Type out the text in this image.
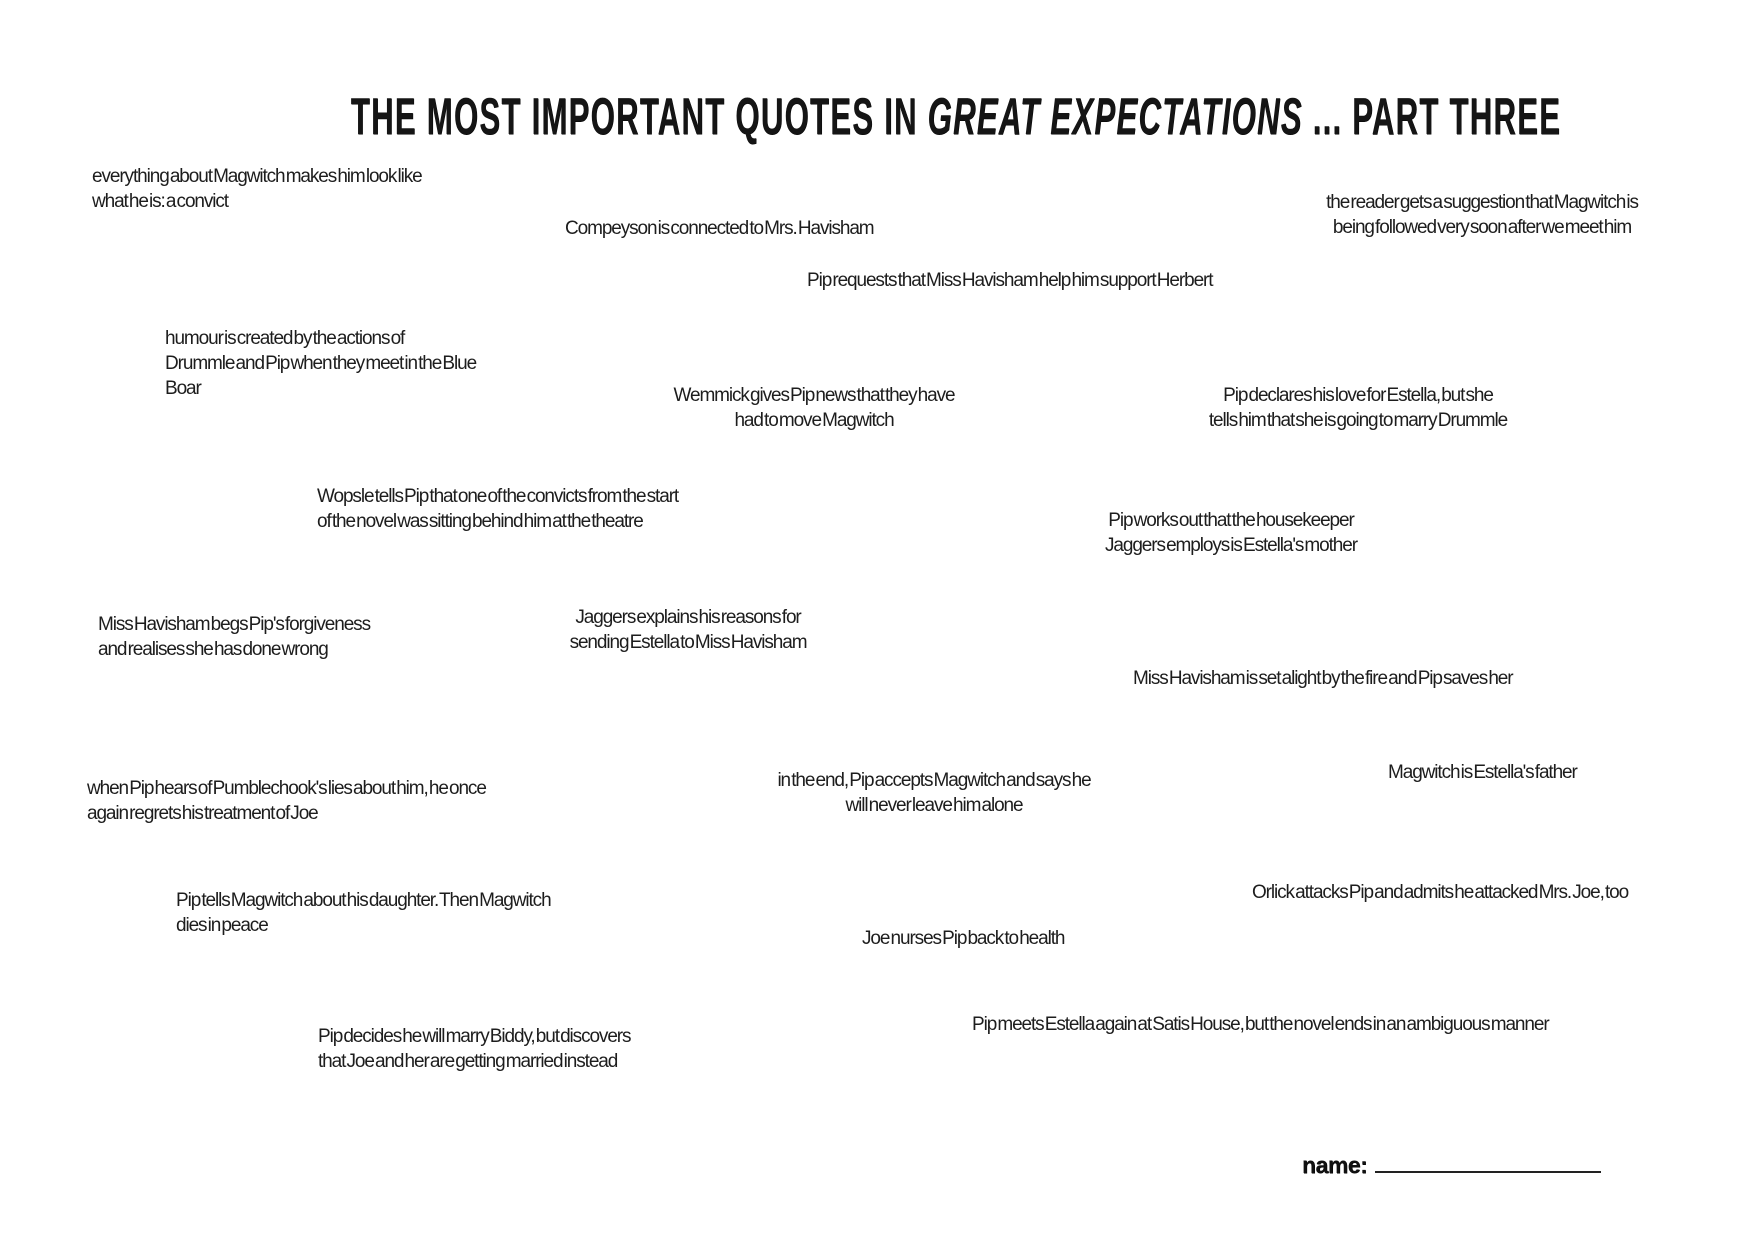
THE MOST IMPORTANT QUOTES IN GREAT EXPECTATIONS ... PART THREE
everything about Magwitch makes him look like
what he is: a convict
Compeyson is connected to Mrs. Havisham
the reader gets a suggestion that Magwitch is
being followed very soon after we meet him
Pip requests that Miss Havisham help him support Herbert
humour is created by the actions of
Drummle and Pip when they meet in the Blue
Boar	Wemmick gives Pip news that they have
had to move Magwitch
Pip declares his love for Estella, but she
tells him that she is going to marry Drummle
Wopsle tells Pip that one of the convicts from the start
of the novel was sitting behind him at the theatre	Pip works out that the housekeeper
Jaggers employs is Estella's mother
Miss Havisham begs Pip's forgiveness
and realises she has done wrong
Jaggers explains his reasons for
sending Estella to Miss Havisham
Miss Havisham is set alight by the fire and Pip saves her
when Pip hears of Pumblechook's lies about him, he once
again regrets his treatment of Joe
in the end, Pip accepts Magwitch and says he
will never leave him alone
Magwitch is Estella's father
Pip tells Magwitch about his daughter. Then Magwitch
dies in peace
Orlick attacks Pip and admits he attacked Mrs. Joe, too
Joe nurses Pip back to health
Pip decides he will marry Biddy, but discovers
that Joe and her are getting married instead
Pip meets Estella again at Satis House, but the novel ends in an ambiguous manner
name:
